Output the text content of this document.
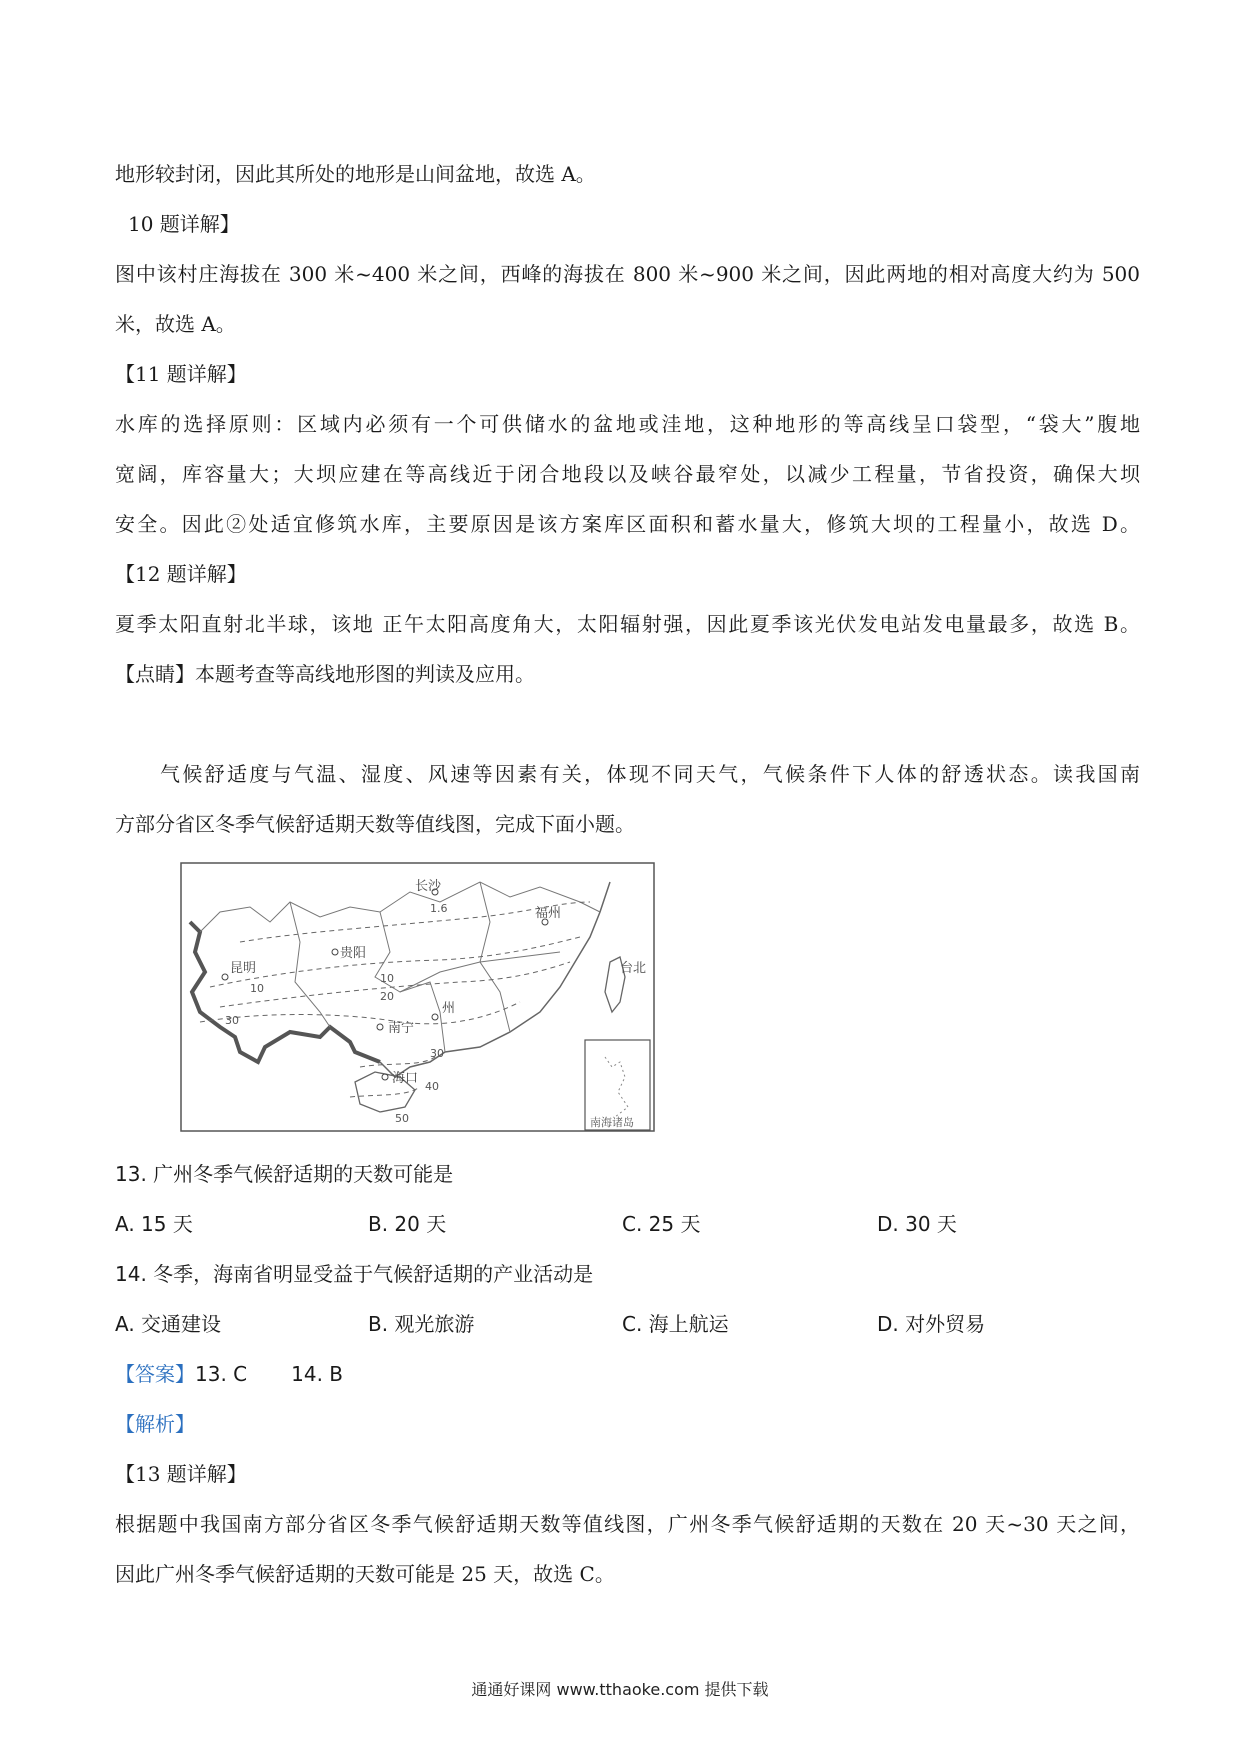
地形较封闭，因此其所处的地形是山间盆地，故选 A。
10 题详解】
图中该村庄海拔在 300 米~400 米之间，西峰的海拔在 800 米~900 米之间，因此两地的相对高度大约为 500
米，故选 A。
【11 题详解】
水库的选择原则：区域内必须有一个可供储水的盆地或洼地，这种地形的等高线呈口袋型，“袋大”腹地
宽阔，库容量大；大坝应建在等高线近于闭合地段以及峡谷最窄处，以减少工程量，节省投资，确保大坝
安全。因此②处适宜修筑水库，主要原因是该方案库区面积和蓄水量大，修筑大坝的工程量小，故选 D。
【12 题详解】
夏季太阳直射北半球，该地 正午太阳高度角大，太阳辐射强，因此夏季该光伏发电站发电量最多，故选 B。
【点睛】本题考查等高线地形图的判读及应用。
气候舒适度与气温、湿度、风速等因素有关，体现不同天气，气候条件下人体的舒透状态。读我国南
方部分省区冬季气候舒适期天数等值线图，完成下面小题。
长沙
福州
贵阳
昆明
南宁
州
海口
台北
1.6
10
10
20
30
30
40
50	南海诸岛
13. 广州冬季气候舒适期的天数可能是
A. 15 天	B. 20 天	C. 25 天	D. 30 天
14. 冬季，海南省明显受益于气候舒适期的产业活动是
A. 交通建设	B. 观光旅游	C. 海上航运	D. 对外贸易
【答案】13. C 14. B
【解析】
【13 题详解】
根据题中我国南方部分省区冬季气候舒适期天数等值线图，广州冬季气候舒适期的天数在 20 天~30 天之间，
因此广州冬季气候舒适期的天数可能是 25 天，故选 C。
通通好课网 www.tthaoke.com 提供下载
